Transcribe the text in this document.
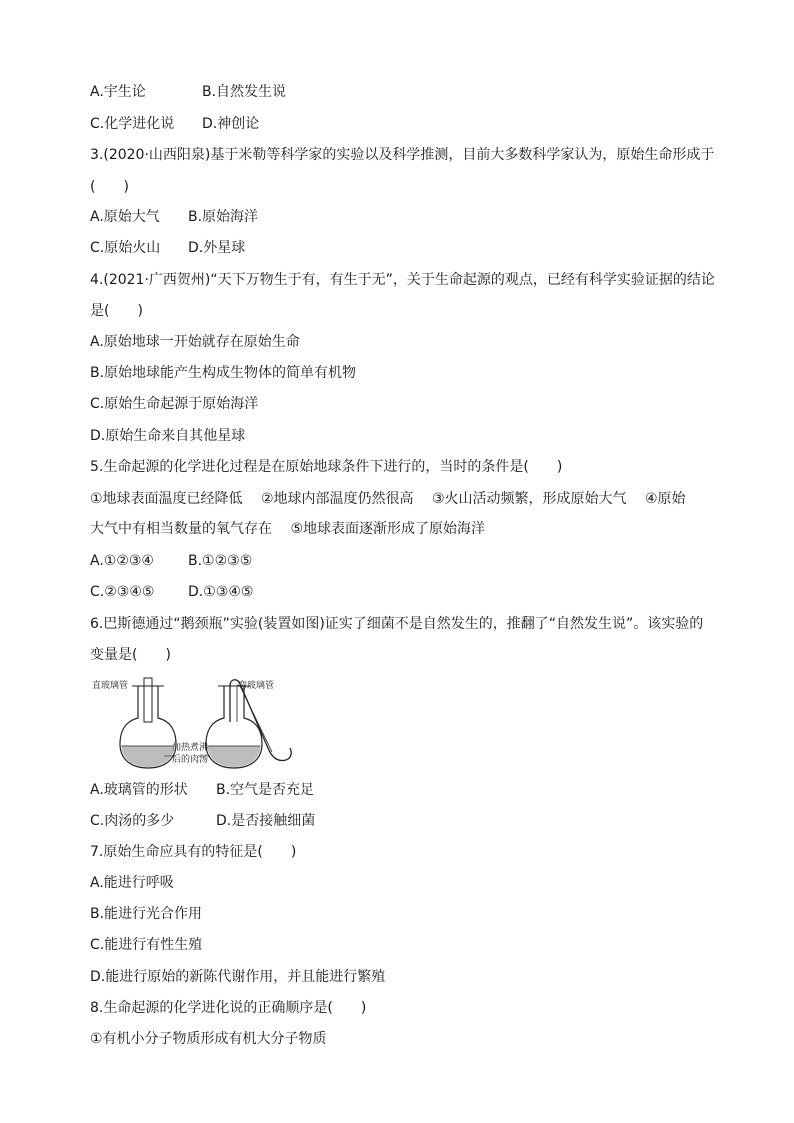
A.宇生论	B.自然发生说
C.化学进化说 D.神创论
3.(2020·山西阳泉)基于米勒等科学家的实验以及科学推测，目前大多数科学家认为，原始生命形成于
(　　)
A.原始大气 B.原始海洋
C.原始火山 D.外星球
4.(2021·广西贺州)“天下万物生于有，有生于无”，关于生命起源的观点，已经有科学实验证据的结论
是(　　)
A.原始地球一开始就存在原始生命
B.原始地球能产生构成生物体的简单有机物
C.原始生命起源于原始海洋
D.原始生命来自其他星球
5.生命起源的化学进化过程是在原始地球条件下进行的，当时的条件是(　　)
①地球表面温度已经降低　 ②地球内部温度仍然很高　 ③火山活动频繁，形成原始大气　 ④原始
大气中有相当数量的氧气存在　 ⑤地球表面逐渐形成了原始海洋
A.①②③④ B.①②③⑤
C.②③④⑤ D.①③④⑤
6.巴斯德通过“鹅颈瓶”实验(装置如图)证实了细菌不是自然发生的，推翻了“自然发生说”。该实验的
变量是(　　)
直玻璃管	弯玻璃管
加热煮沸
后的肉汤
A.玻璃管的形状 B.空气是否充足
C.肉汤的多少	D.是否接触细菌
7.原始生命应具有的特征是(　　)
A.能进行呼吸
B.能进行光合作用
C.能进行有性生殖
D.能进行原始的新陈代谢作用，并且能进行繁殖
8.生命起源的化学进化说的正确顺序是(　　)
①有机小分子物质形成有机大分子物质
